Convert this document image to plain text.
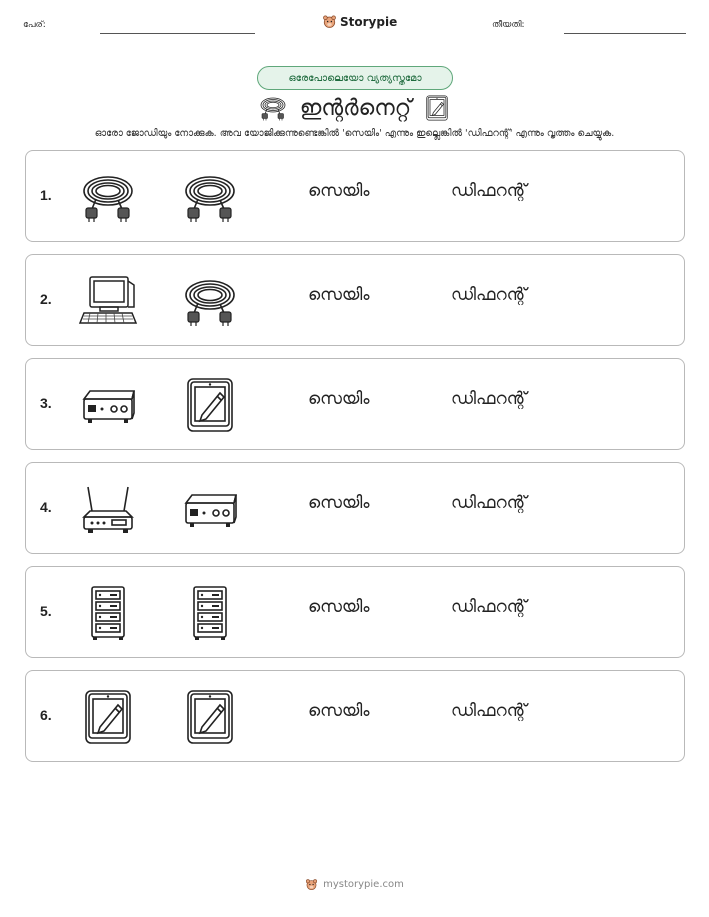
പേര്:	Storypie	തീയതി:
ഒരേപോലെയോ വ്യത്യസ്തമോ
ഇന്റർനെറ്റ്
ഓരോ ജോഡിയും നോക്കുക. അവ യോജിക്കുന്നുണ്ടെങ്കിൽ 'സെയിം' എന്നും ഇല്ലെങ്കിൽ 'ഡിഫറന്റ്' എന്നും വൃത്തം ചെയ്യുക.
1.	സെയിം	ഡിഫറന്റ്
2.	സെയിം	ഡിഫറന്റ്
3.	സെയിം	ഡിഫറന്റ്
4.	സെയിം	ഡിഫറന്റ്
5.	സെയിം	ഡിഫറന്റ്
6.	സെയിം	ഡിഫറന്റ്
mystorypie.com
